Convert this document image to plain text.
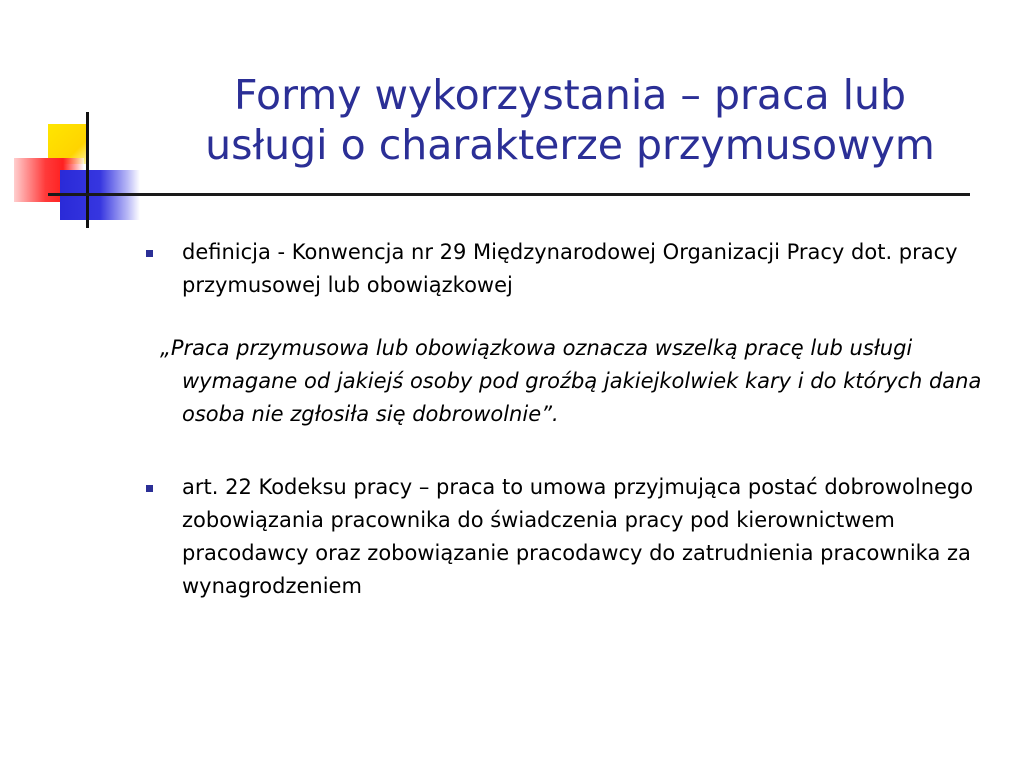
Formy wykorzystania – praca lub
usługi o charakterze przymusowym
definicja - Konwencja nr 29 Międzynarodowej Organizacji Pracy dot. pracy przymusowej lub obowiązkowej
„Praca przymusowa lub obowiązkowa oznacza wszelką pracę lub usługi wymagane od jakiejś osoby pod groźbą jakiejkolwiek kary i do których dana osoba nie zgłosiła się dobrowolnie”.
art. 22 Kodeksu pracy – praca to umowa przyjmująca postać dobrowolnego zobowiązania pracownika do świadczenia pracy pod kierownictwem pracodawcy oraz zobowiązanie pracodawcy do zatrudnienia pracownika za wynagrodzeniem
